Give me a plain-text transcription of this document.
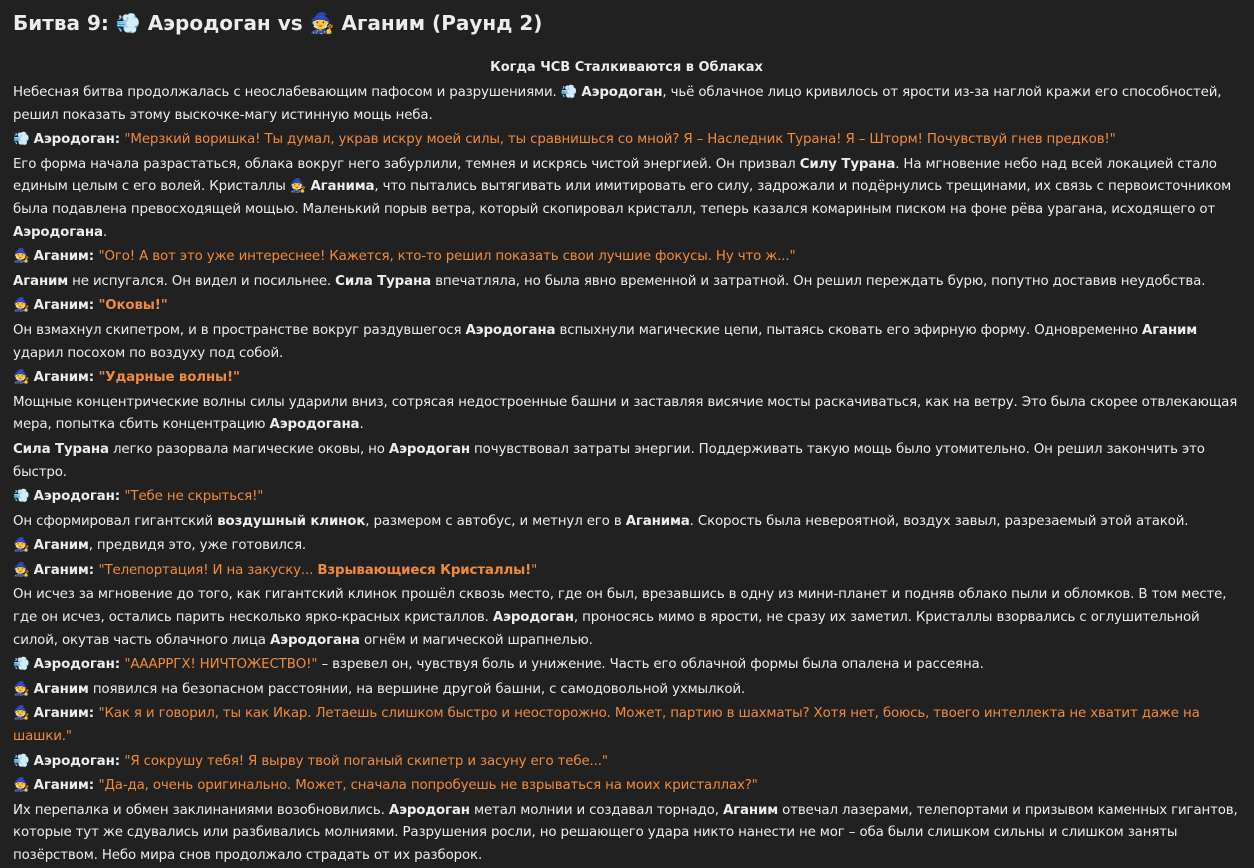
Битва 9: 💨 Аэродоган vs 🧙 Аганим (Раунд 2)
Когда ЧСВ Сталкиваются в Облаках
Небесная битва продолжалась с неослабевающим пафосом и разрушениями. 💨 Аэродоган, чьё облачное лицо кривилось от ярости из-за наглой кражи его способностей, решил показать этому выскочке-магу истинную мощь неба.
💨 Аэродоган: "Мерзкий воришка! Ты думал, украв искру моей силы, ты сравнишься со мной? Я – Наследник Турана! Я – Шторм! Почувствуй гнев предков!"
Его форма начала разрастаться, облака вокруг него забурлили, темнея и искрясь чистой энергией. Он призвал Силу Турана. На мгновение небо над всей локацией стало единым целым с его волей. Кристаллы 🧙 Аганима, что пытались вытягивать или имитировать его силу, задрожали и подёрнулись трещинами, их связь с первоисточником была подавлена превосходящей мощью. Маленький порыв ветра, который скопировал кристалл, теперь казался комариным писком на фоне рёва урагана, исходящего от Аэродогана.
🧙 Аганим: "Ого! А вот это уже интереснее! Кажется, кто-то решил показать свои лучшие фокусы. Ну что ж..."
Аганим не испугался. Он видел и посильнее. Сила Турана впечатляла, но была явно временной и затратной. Он решил переждать бурю, попутно доставив неудобства.
🧙 Аганим: "Оковы!"
Он взмахнул скипетром, и в пространстве вокруг раздувшегося Аэродогана вспыхнули магические цепи, пытаясь сковать его эфирную форму. Одновременно Аганим ударил посохом по воздуху под собой.
🧙 Аганим: "Ударные волны!"
Мощные концентрические волны силы ударили вниз, сотрясая недостроенные башни и заставляя висячие мосты раскачиваться, как на ветру. Это была скорее отвлекающая мера, попытка сбить концентрацию Аэродогана.
Сила Турана легко разорвала магические оковы, но Аэродоган почувствовал затраты энергии. Поддерживать такую мощь было утомительно. Он решил закончить это быстро.
💨 Аэродоган: "Тебе не скрыться!"
Он сформировал гигантский воздушный клинок, размером с автобус, и метнул его в Аганима. Скорость была невероятной, воздух завыл, разрезаемый этой атакой.
🧙 Аганим, предвидя это, уже готовился.
🧙 Аганим: "Телепортация! И на закуску... Взрывающиеся Кристаллы!"
Он исчез за мгновение до того, как гигантский клинок прошёл сквозь место, где он был, врезавшись в одну из мини-планет и подняв облако пыли и обломков. В том месте, где он исчез, остались парить несколько ярко-красных кристаллов. Аэродоган, проносясь мимо в ярости, не сразу их заметил. Кристаллы взорвались с оглушительной силой, окутав часть облачного лица Аэродогана огнём и магической шрапнелью.
💨 Аэродоган: "АААРРГХ! НИЧТОЖЕСТВО!" – взревел он, чувствуя боль и унижение. Часть его облачной формы была опалена и рассеяна.
🧙 Аганим появился на безопасном расстоянии, на вершине другой башни, с самодовольной ухмылкой.
🧙 Аганим: "Как я и говорил, ты как Икар. Летаешь слишком быстро и неосторожно. Может, партию в шахматы? Хотя нет, боюсь, твоего интеллекта не хватит даже на шашки."
💨 Аэродоган: "Я сокрушу тебя! Я вырву твой поганый скипетр и засуну его тебе..."
🧙 Аганим: "Да-да, очень оригинально. Может, сначала попробуешь не взрываться на моих кристаллах?"
Их перепалка и обмен заклинаниями возобновились. Аэродоган метал молнии и создавал торнадо, Аганим отвечал лазерами, телепортами и призывом каменных гигантов, которые тут же сдувались или разбивались молниями. Разрушения росли, но решающего удара никто нанести не мог – оба были слишком сильны и слишком заняты позёрством. Небо мира снов продолжало страдать от их разборок.
